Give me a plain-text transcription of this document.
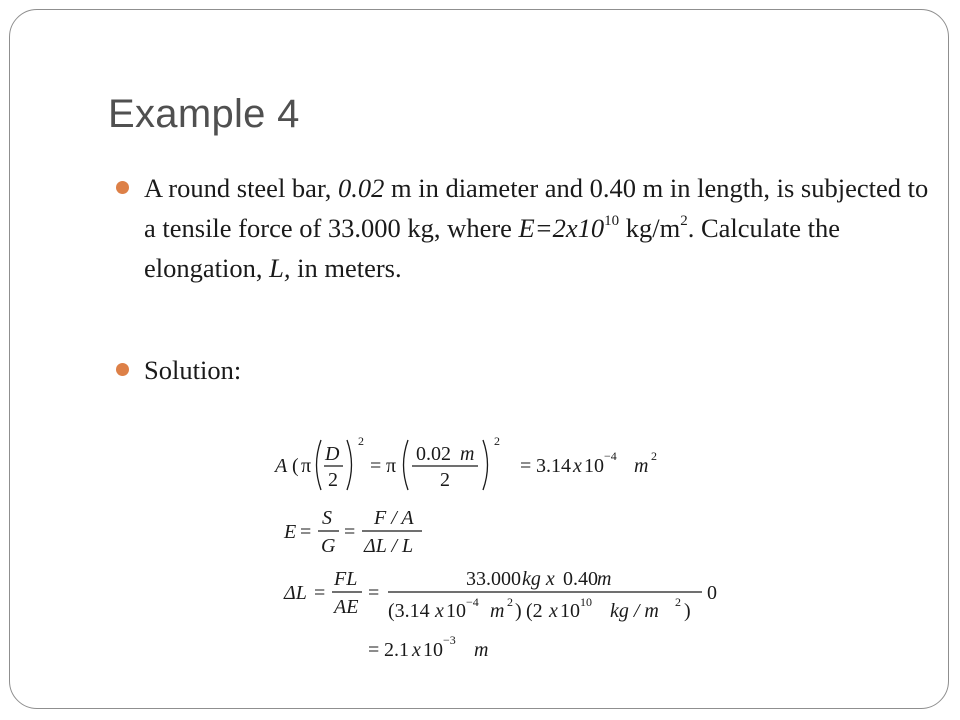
Example 4
A round steel bar, 0.02 m in diameter and 0.40 m in length, is subjected to a tensile force of 33.000 kg, where $E=2x10^{10}$ $kg/m^2$. Calculate the elongation, L, in meters.
Solution:
A ( π
D
2
2
= π
0.02 m
2
2
= 3.14 x 10 −4 m 2
E =
S
G
=
F / A
ΔL / L
ΔL =
FL
AE
=
33.000 kg x 0.40 m
(3.14 x 10 −4 m 2 ) (2 x 10 10 kg / m 2 )
0
= 2.1 x 10 −3 m
